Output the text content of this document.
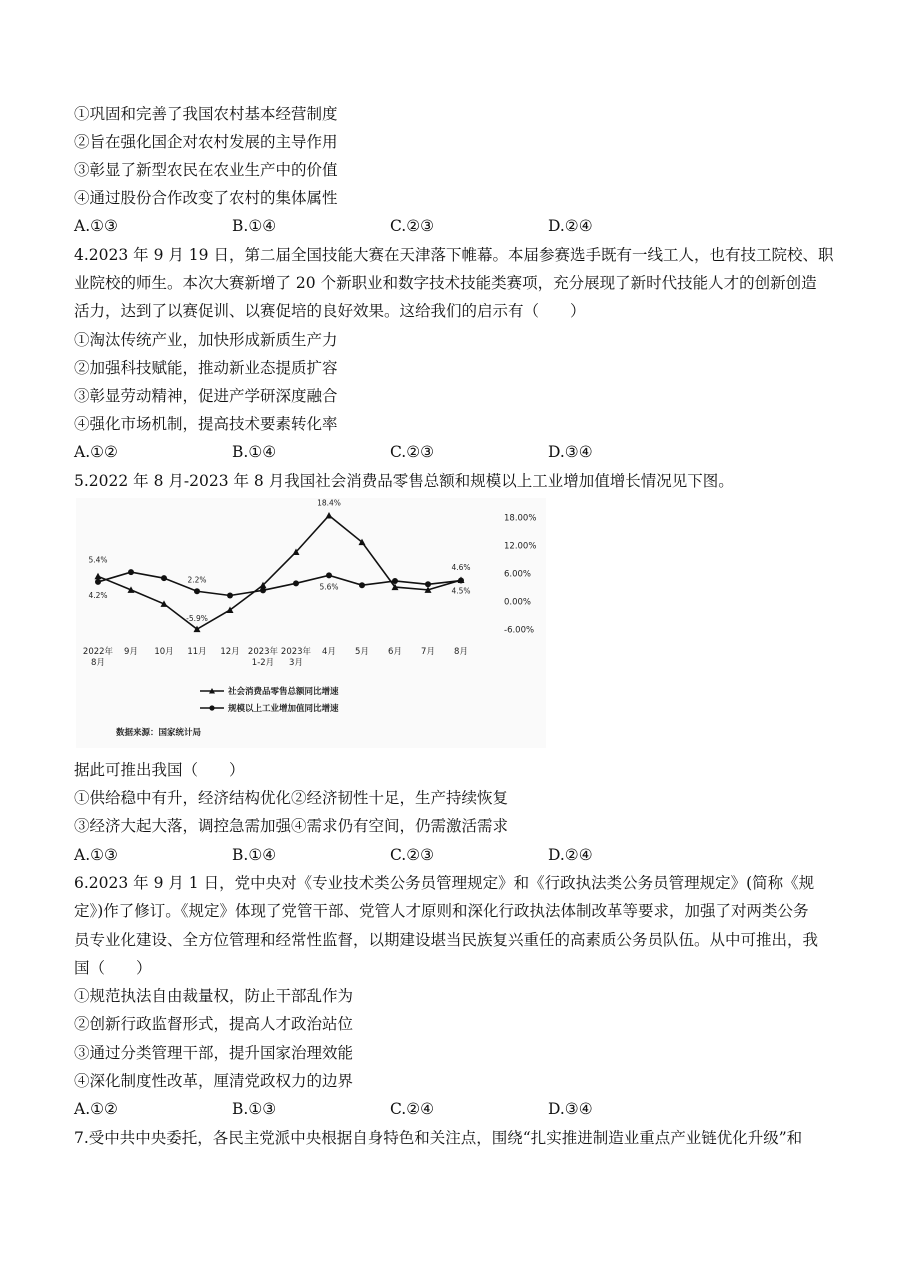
①巩固和完善了我国农村基本经营制度
②旨在强化国企对农村发展的主导作用
③彰显了新型农民在农业生产中的价值
④通过股份合作改变了农村的集体属性
A.①③	B.①④	C.②③	D.②④
4.2023 年 9 月 19 日，第二届全国技能大赛在天津落下帷幕。本届参赛选手既有一线工人，也有技工院校、职
业院校的师生。本次大赛新增了 20 个新职业和数字技术技能类赛项，充分展现了新时代技能人才的创新创造
活力，达到了以赛促训、以赛促培的良好效果。这给我们的启示有（　　）
①淘汰传统产业，加快形成新质生产力
②加强科技赋能，推动新业态提质扩容
③彰显劳动精神，促进产学研深度融合
④强化市场机制，提高技术要素转化率
A.①②	B.①④	C.②③	D.③④
5.2022 年 8 月-2023 年 8 月我国社会消费品零售总额和规模以上工业增加值增长情况见下图。
18.00%
12.00%
6.00%
0.00%
-6.00%
2022年 8月
9月 10月 11月 12月 2023年 1-2月
2023年 3月
4月 5月 6月 7月 8月
5.4%
4.2%
2.2%
-5.9%
18.4%
5.6%
4.6%
4.5%
社会消费品零售总额同比增速
规模以上工业增加值同比增速
数据来源：国家统计局
据此可推出我国（　　）
①供给稳中有升，经济结构优化②经济韧性十足，生产持续恢复
③经济大起大落，调控急需加强④需求仍有空间，仍需激活需求
A.①③	B.①④	C.②③	D.②④
6.2023 年 9 月 1 日，党中央对《专业技术类公务员管理规定》和《行政执法类公务员管理规定》(简称《规
定》)作了修订。《规定》体现了党管干部、党管人才原则和深化行政执法体制改革等要求，加强了对两类公务
员专业化建设、全方位管理和经常性监督，以期建设堪当民族复兴重任的高素质公务员队伍。从中可推出，我
国（　　）
①规范执法自由裁量权，防止干部乱作为
②创新行政监督形式，提高人才政治站位
③通过分类管理干部，提升国家治理效能
④深化制度性改革，厘清党政权力的边界
A.①②	B.①③	C.②④	D.③④
7.受中共中央委托，各民主党派中央根据自身特色和关注点，围绕“扎实推进制造业重点产业链优化升级”和
